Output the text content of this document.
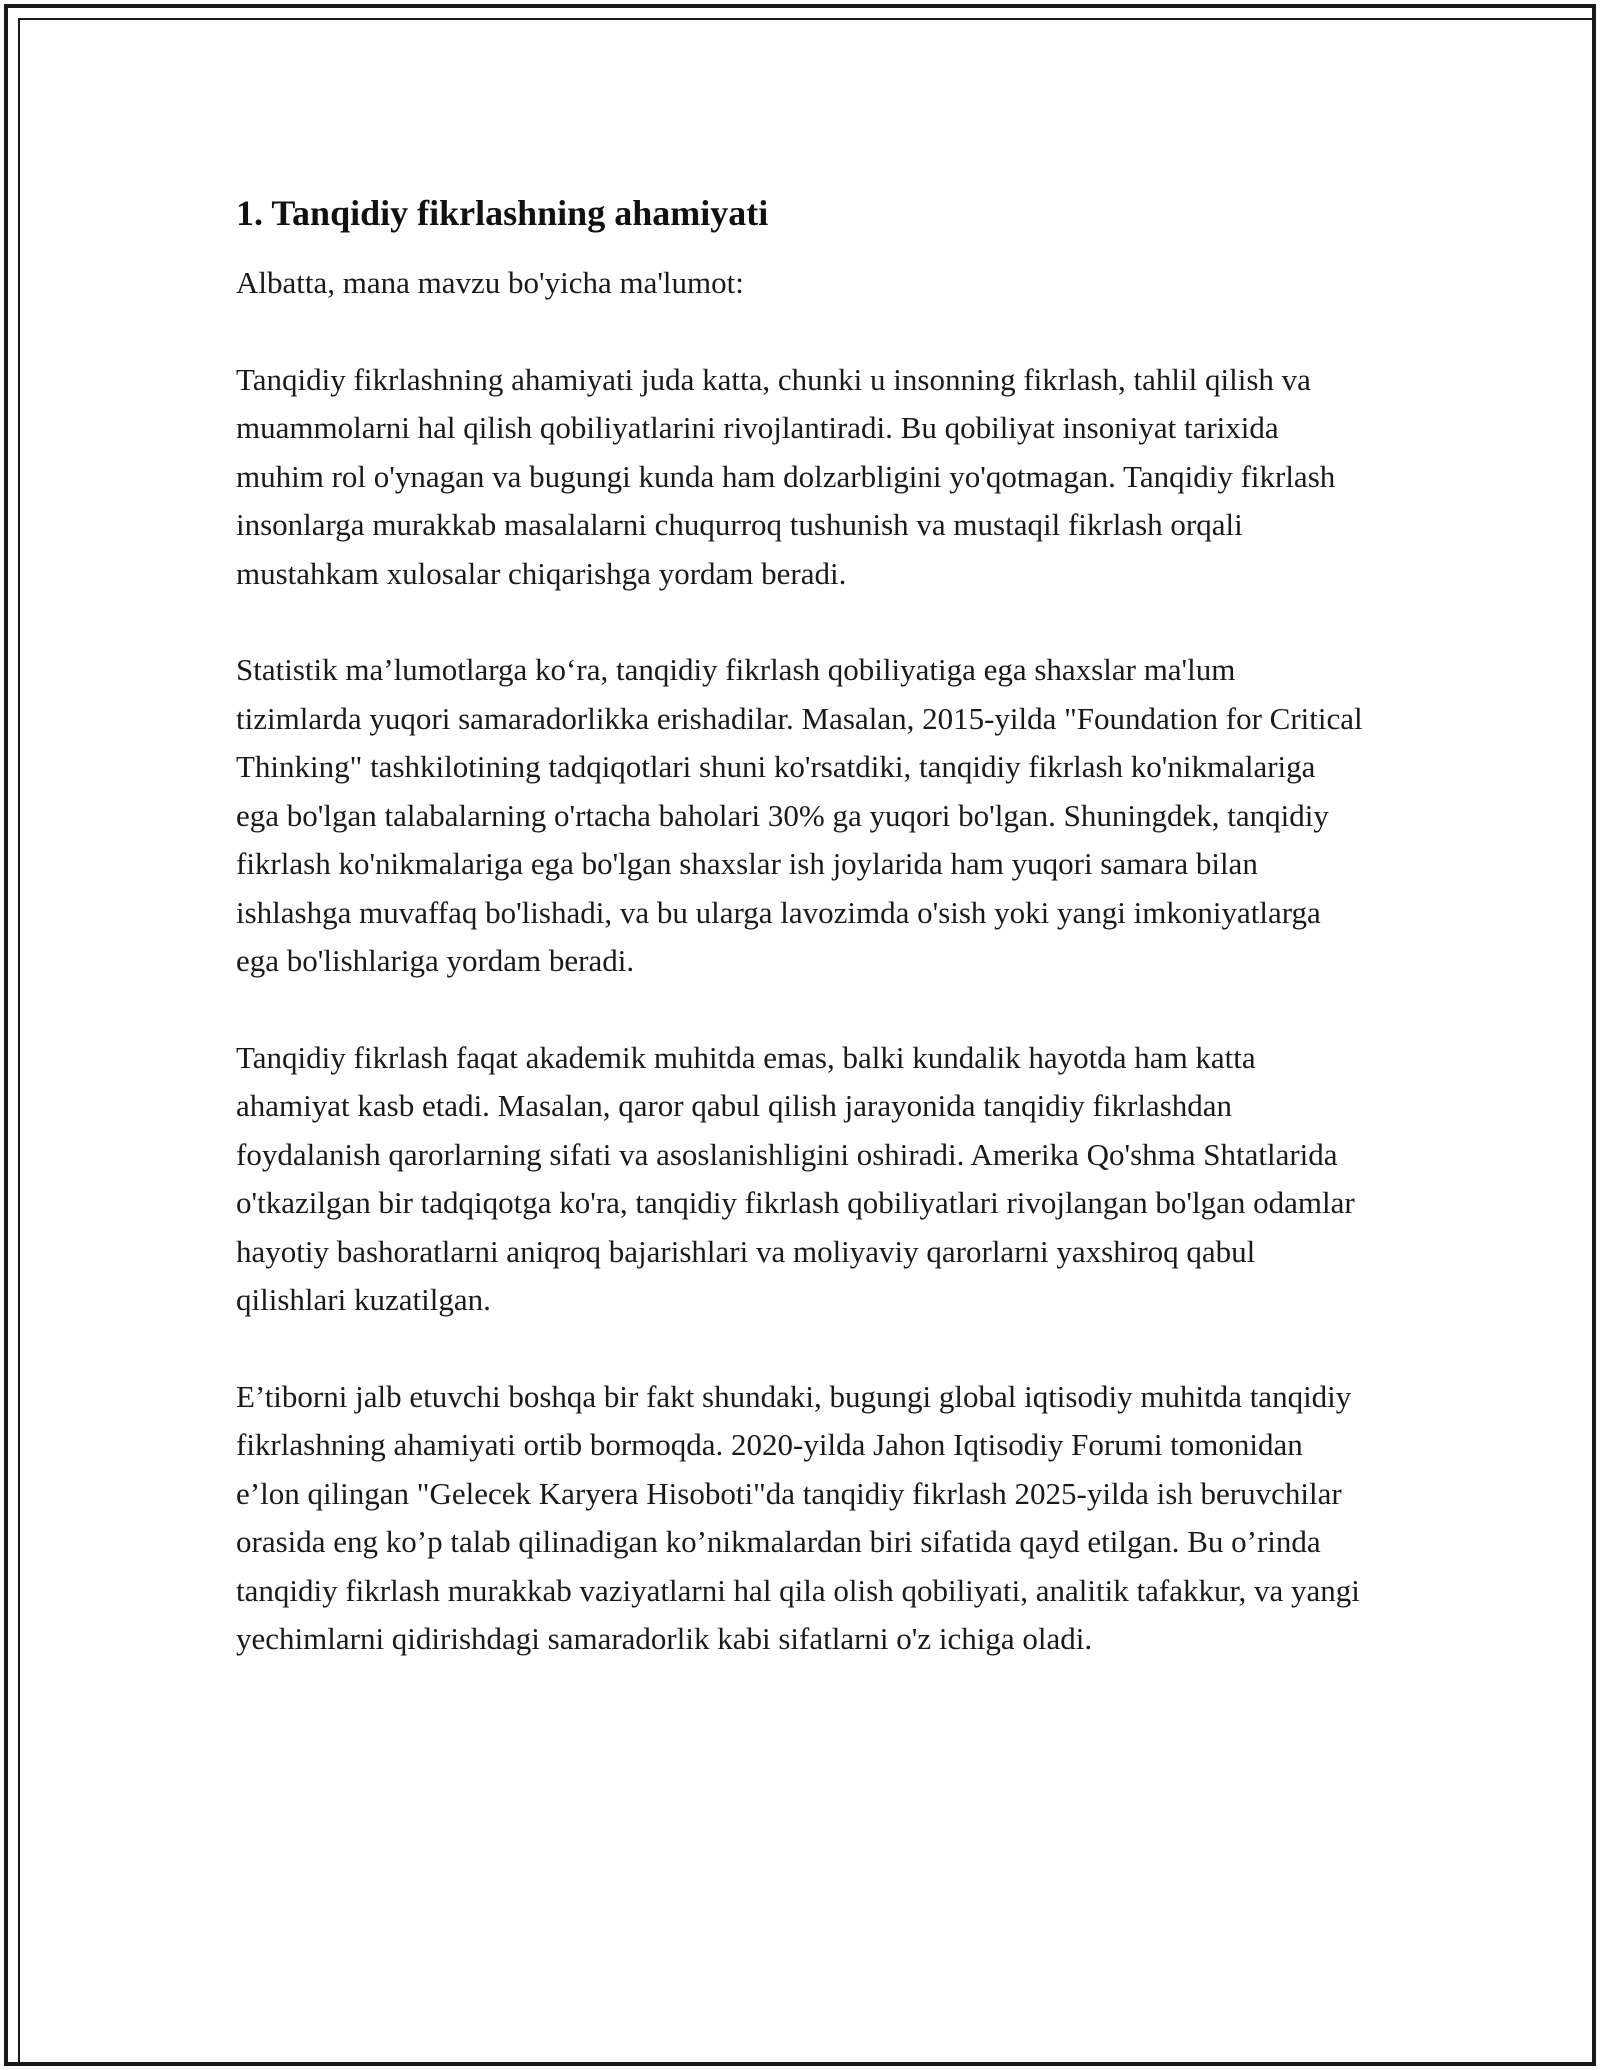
1. Tanqidiy fikrlashning ahamiyati

Albatta, mana mavzu bo'yicha ma'lumot:

Tanqidiy fikrlashning ahamiyati juda katta, chunki u insonning fikrlash, tahlil qilish va muammolarni hal qilish qobiliyatlarini rivojlantiradi. Bu qobiliyat insoniyat tarixida muhim rol o'ynagan va bugungi kunda ham dolzarbligini yo'qotmagan. Tanqidiy fikrlash insonlarga murakkab masalalarni chuqurroq tushunish va mustaqil fikrlash orqali mustahkam xulosalar chiqarishga yordam beradi.

Statistik ma’lumotlarga ko‘ra, tanqidiy fikrlash qobiliyatiga ega shaxslar ma'lum tizimlarda yuqori samaradorlikka erishadilar. Masalan, 2015-yilda "Foundation for Critical Thinking" tashkilotining tadqiqotlari shuni ko'rsatdiki, tanqidiy fikrlash ko'nikmalariga ega bo'lgan talabalarning o'rtacha baholari 30% ga yuqori bo'lgan. Shuningdek, tanqidiy fikrlash ko'nikmalariga ega bo'lgan shaxslar ish joylarida ham yuqori samara bilan ishlashga muvaffaq bo'lishadi, va bu ularga lavozimda o'sish yoki yangi imkoniyatlarga ega bo'lishlariga yordam beradi.

Tanqidiy fikrlash faqat akademik muhitda emas, balki kundalik hayotda ham katta ahamiyat kasb etadi. Masalan, qaror qabul qilish jarayonida tanqidiy fikrlashdan foydalanish qarorlarning sifati va asoslanishligini oshiradi. Amerika Qo'shma Shtatlarida o'tkazilgan bir tadqiqotga ko'ra, tanqidiy fikrlash qobiliyatlari rivojlangan bo'lgan odamlar hayotiy bashoratlarni aniqroq bajarishlari va moliyaviy qarorlarni yaxshiroq qabul qilishlari kuzatilgan.

E’tiborni jalb etuvchi boshqa bir fakt shundaki, bugungi global iqtisodiy muhitda tanqidiy fikrlashning ahamiyati ortib bormoqda. 2020-yilda Jahon Iqtisodiy Forumi tomonidan e’lon qilingan "Gelecek Karyera Hisoboti"da tanqidiy fikrlash 2025-yilda ish beruvchilar orasida eng ko’p talab qilinadigan ko’nikmalardan biri sifatida qayd etilgan. Bu o’rinda tanqidiy fikrlash murakkab vaziyatlarni hal qila olish qobiliyati, analitik tafakkur, va yangi yechimlarni qidirishdagi samaradorlik kabi sifatlarni o'z ichiga oladi.
